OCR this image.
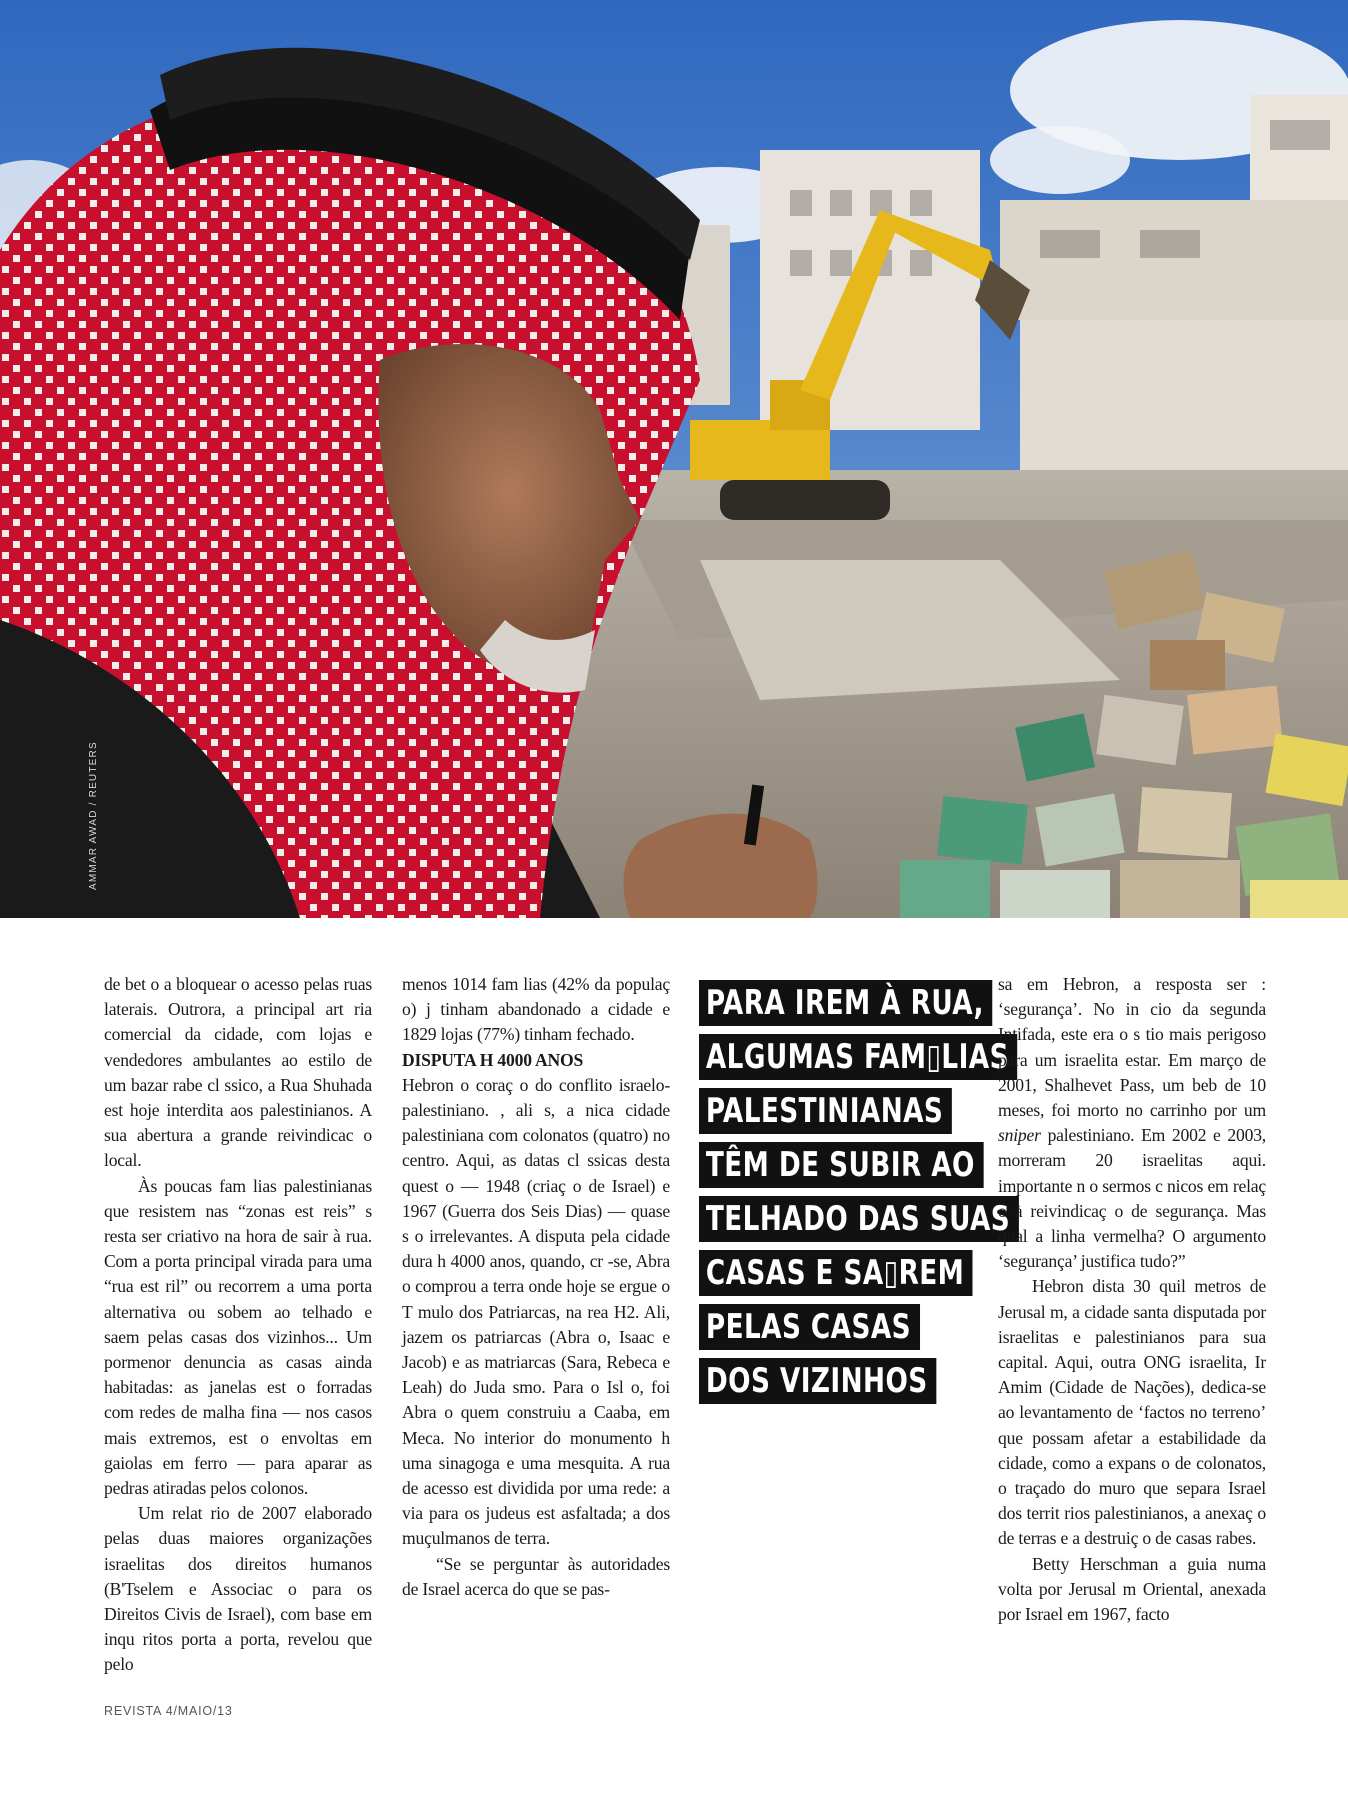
AMMAR AWAD / REUTERS

de bet o a bloquear o acesso pelas ruas laterais. Outrora, a principal art ria comercial da cidade, com lojas e vendedores ambulantes ao estilo de um bazar rabe cl ssico, a Rua Shuhada est hoje interdita aos palestinianos. A sua abertura a grande reivindicac o local.

Às poucas fam lias palestinianas que resistem nas “zonas est reis” s resta ser criativo na hora de sair à rua. Com a porta principal virada para uma “rua est ril” ou recorrem a uma porta alternativa ou sobem ao telhado e saem pelas casas dos vizinhos... Um pormenor denuncia as casas ainda habitadas: as janelas est o forradas com redes de malha fina — nos casos mais extremos, est o envoltas em gaiolas em ferro — para aparar as pedras atiradas pelos colonos.

Um relat rio de 2007 elaborado pelas duas maiores organizações israelitas dos direitos humanos (B'Tselem e Associac o para os Direitos Civis de Israel), com base em inqu ritos porta a porta, revelou que pelo

menos 1014 fam lias (42% da populaç o) j tinham abandonado a cidade e 1829 lojas (77%) tinham fechado.

DISPUTA H 4000 ANOS

Hebron o coraç o do conflito israelo-palestiniano. , ali s, a nica cidade palestiniana com colonatos (quatro) no centro. Aqui, as datas cl ssicas desta quest o — 1948 (criaç o de Israel) e 1967 (Guerra dos Seis Dias) — quase s o irrelevantes. A disputa pela cidade dura h 4000 anos, quando, cr -se, Abra o comprou a terra onde hoje se ergue o T mulo dos Patriarcas, na rea H2. Ali, jazem os patriarcas (Abra o, Isaac e Jacob) e as matriarcas (Sara, Rebeca e Leah) do Juda smo. Para o Isl o, foi Abra o quem construiu a Caaba, em Meca. No interior do monumento h uma sinagoga e uma mesquita. A rua de acesso est dividida por uma rede: a via para os judeus est asfaltada; a dos muçulmanos de terra.

“Se se perguntar às autoridades de Israel acerca do que se pas-

PARA IREM À RUA,
ALGUMAS FAM▯LIAS
PALESTINIANAS
TÊM DE SUBIR AO
TELHADO DAS SUAS
CASAS E SA▯REM
PELAS CASAS
DOS VIZINHOS

sa em Hebron, a resposta ser : ‘segurança’. No in cio da segunda Intifada, este era o s tio mais perigoso para um israelita estar. Em março de 2001, Shalhevet Pass, um beb de 10 meses, foi morto no carrinho por um sniper palestiniano. Em 2002 e 2003, morreram 20 israelitas aqui. importante n o sermos c nicos em relaç o à reivindicaç o de segurança. Mas qual a linha vermelha? O argumento ‘segurança’ justifica tudo?”

Hebron dista 30 quil metros de Jerusal m, a cidade santa disputada por israelitas e palestinianos para sua capital. Aqui, outra ONG israelita, Ir Amim (Cidade de Nações), dedica-se ao levantamento de ‘factos no terreno’ que possam afetar a estabilidade da cidade, como a expans o de colonatos, o traçado do muro que separa Israel dos territ rios palestinianos, a anexaç o de terras e a destruiç o de casas rabes.

Betty Herschman a guia numa volta por Jerusal m Oriental, anexada por Israel em 1967, facto

REVISTA 4/MAIO/13
